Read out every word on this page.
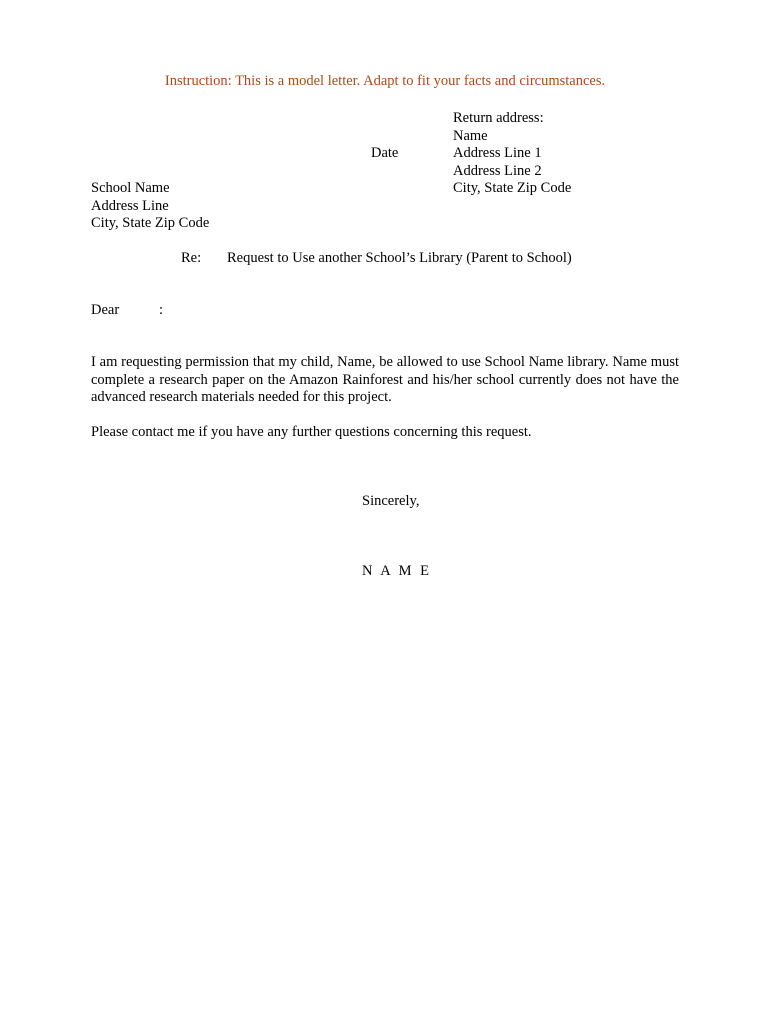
Instruction: This is a model letter. Adapt to fit your facts and circumstances.
Return address:
Name
Address Line 1
Address Line 2
City, State Zip Code
Date
School Name
Address Line
City, State Zip Code
Re: Request to Use another School’s Library (Parent to School)
Dear	:
I am requesting permission that my child, Name, be allowed to use School Name library. Name must complete a research paper on the Amazon Rainforest and his/her school currently does not have the advanced research materials needed for this project.
Please contact me if you have any further questions concerning this request.
Sincerely,
N A M E
